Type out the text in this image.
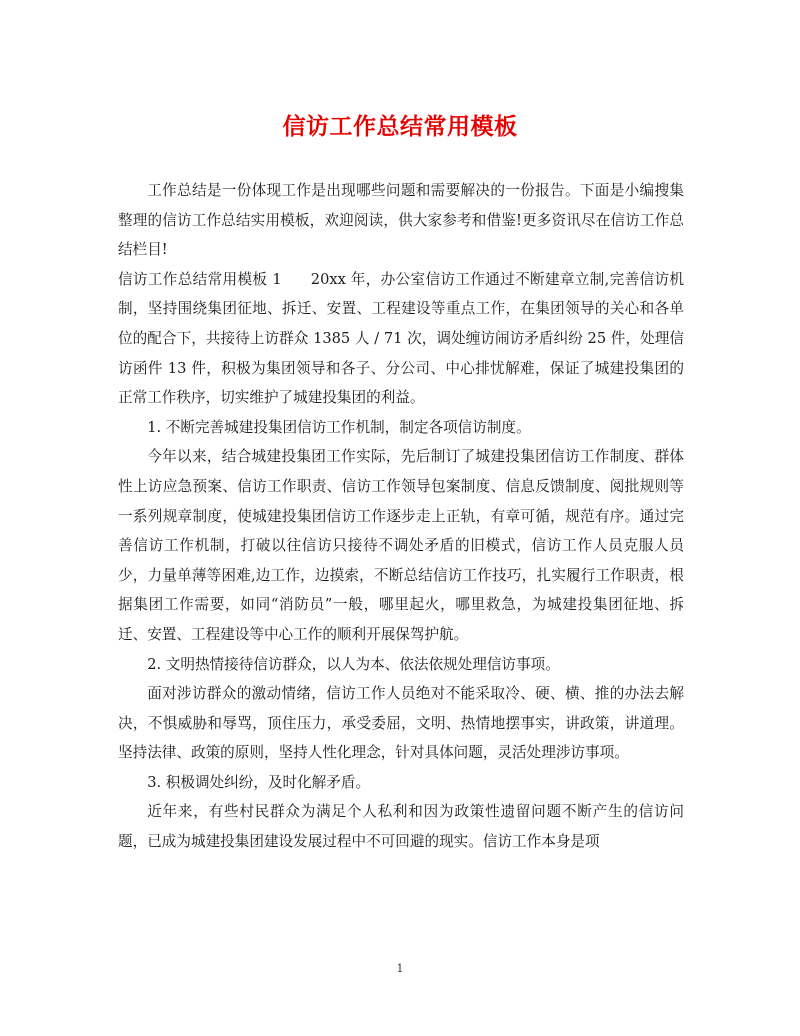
信访工作总结常用模板

工作总结是一份体现工作是出现哪些问题和需要解决的一份报告。下面是小编搜集整理的信访工作总结实用模板，欢迎阅读，供大家参考和借鉴!更多资讯尽在信访工作总结栏目!

信访工作总结常用模板 1 20xx 年，办公室信访工作通过不断建章立制,完善信访机制，坚持围绕集团征地、拆迁、安置、工程建设等重点工作，在集团领导的关心和各单位的配合下，共接待上访群众 1385 人 / 71 次，调处缠访闹访矛盾纠纷 25 件，处理信访函件 13 件，积极为集团领导和各子、分公司、中心排忧解难，保证了城建投集团的正常工作秩序，切实维护了城建投集团的利益。

1. 不断完善城建投集团信访工作机制，制定各项信访制度。

今年以来，结合城建投集团工作实际，先后制订了城建投集团信访工作制度、群体性上访应急预案、信访工作职责、信访工作领导包案制度、信息反馈制度、阅批规则等一系列规章制度，使城建投集团信访工作逐步走上正轨，有章可循，规范有序。通过完善信访工作机制，打破以往信访只接待不调处矛盾的旧模式，信访工作人员克服人员少，力量单薄等困难,边工作，边摸索，不断总结信访工作技巧，扎实履行工作职责，根据集团工作需要，如同“消防员”一般，哪里起火，哪里救急，为城建投集团征地、拆迁、安置、工程建设等中心工作的顺利开展保驾护航。

2. 文明热情接待信访群众，以人为本、依法依规处理信访事项。

面对涉访群众的激动情绪，信访工作人员绝对不能采取冷、硬、横、推的办法去解决，不惧威胁和辱骂，顶住压力，承受委屈，文明、热情地摆事实，讲政策，讲道理。坚持法律、政策的原则，坚持人性化理念，针对具体问题，灵活处理涉访事项。

3. 积极调处纠纷，及时化解矛盾。

近年来，有些村民群众为满足个人私利和因为政策性遗留问题不断产生的信访问题，已成为城建投集团建设发展过程中不可回避的现实。信访工作本身是项

1
